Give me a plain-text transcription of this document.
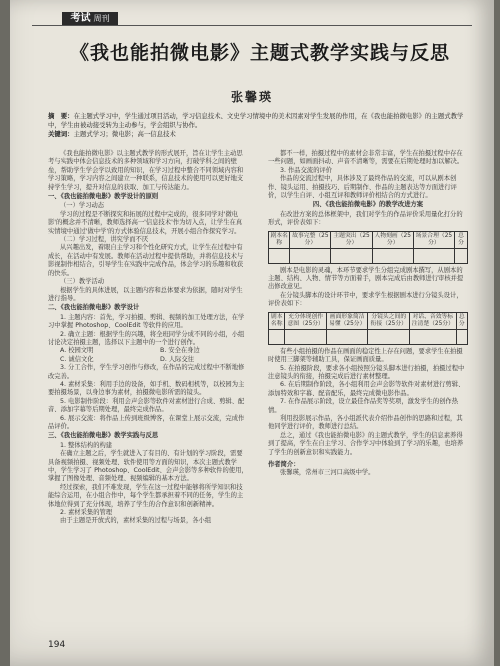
考试 周刊
《我也能拍微电影》主题式教学实践与反思
张馨瑛
摘　要：在主题式学习中，学生通过项目活动，学习信息技术、文史学习情境中的美术因素对学生发展的作用，在《我也能拍微电影》的主题式教学中，学生由被动接受转为主动参与，学会组织与协作。
关键词：主题式学习；微电影；高一信息技术

《我也能拍微电影》以主题式教学的形式展开，旨在让学生主动思考与实践中体会信息技术的多种领域和学习方向，打破学科之间的壁垒，帮助学生学会学以致用的知识，在学习过程中整合不同领域内容和学习策略，学习内容之间建立一种联系，信息技术的使用可以更好地支持学生学习，提升对信息的获取、加工与传达能力。

一、《我也能拍微电影》教学设计的原则

（一）学习动态

学习的过程是不断探究和拓展的过程中完成的，很多同学对'微电影'的概念并不清晰，教师选择高一'信息技术'作为切入点，让学生在真实情境中通过'做中学'的方式体验信息技术，开展小组合作探究学习。

（二）学习过程，讲究学而不厌

从兴趣出发，着眼自主学习和个性化研究方式，让学生在过程中有成长，在活动中有发展。教师在活动过程中提供帮助，并将信息技术与影视制作相结合，引导学生在实践中完成作品，体会学习的乐趣和收获的快乐。

（三）教学活动

根据学生的具体进展，以主题内容和总体要求为依据，随时对学生进行指导。

二、《我也能拍微电影》教学设计

1. 主题内容：首先，学习拍摄、剪辑、视频的加工处理方法，在学习中掌握 Photoshop、CoolEdit 等软件的应用。

2. 确立主题：根据学生的兴趣，将全班同学分成不同的小组，小组讨论决定拍摄主题，选择以下主题中的一个进行创作。

A. 校园文明	B. 安全在身边
C. 诚信文化	D. 人际交往

3. 分工合作，学生学习创作与修改，在作品的完成过程中不断地修改完善。

4. 素材采集：利用手边的设备，如手机、数码相机等，以校园为主要拍摄场景，以身边事为素材，拍摄微电影所需的镜头。

5. 电影制作阶段：利用会声会影等软件对素材进行合成、剪辑、配音、添加字幕等后期处理，最终完成作品。

6. 展示交流：将作品上传到班级博客，在课堂上展示交流，完成作品评价。

三、《我也能拍微电影》教学实践与反思

1. 整体结构的构建

在确立主题之后，学生就进入了有目的、有计划的学习阶段，需要具备视频拍摄、视频处理、软件使用等方面的知识，本次主题式教学中，学生学习了 Photoshop、CoolEdit、会声会影等多种软件的使用，掌握了图像处理、音频处理、视频编辑的基本方法。

经过探索，我们不难发现，学生在这一过程中能够将所学知识和技能综合运用，在小组合作中，每个学生都承担着不同的任务，学生的主体地位得到了充分体现，培养了学生的合作意识和创新精神。

2. 素材采集的管理

由于主题是开放式的，素材采集的过程与场景，各小组

都不一样，拍摄过程中的素材会非常丰富，学生在拍摄过程中存在一些问题，如画面抖动、声音不清晰等，需要在后期处理时加以解决。

3. 作品交流的评价

作品的交流过程中，具体涉及了最终作品的交流，可以从剧本创作、镜头运用、拍摄技巧、后期制作、作品的主题表达等方面进行评价，以学生自评、小组互评和教师评价相结合的方式进行。

四、《我也能拍微电影》的教学改进方案

在改进方案的总体框架中，我们对学生的作品评价采用量化打分的形式，评价表如下：

剧本名称	故事完整（25分）	主题突出（25分）	人物刻画（25分）	场景合理（25分）	总分

剧本是电影的灵魂，本环节要求学生分组完成剧本撰写，从剧本的主题、结构、人物、情节等方面着手，剧本完成后由教师进行审核并提出修改意见。

在分镜头脚本的设计环节中，要求学生根据剧本进行分镜头设计，评价表如下：

剧本名称	充分体现创作意图（25分）	画面形象简洁易懂（25分）	分镜头之间的衔接（25分）	对话、音效等标注清楚（25分）	总分

有些小组拍摄的作品在画面的稳定性上存在问题，要求学生在拍摄时使用三脚架等辅助工具，保证画面质量。

5. 在拍摄阶段，要求各小组按照分镜头脚本进行拍摄，拍摄过程中注意镜头的衔接，拍摄完成后进行素材整理。

6. 在后期制作阶段，各小组利用会声会影等软件对素材进行剪辑、添加特效和字幕、配音配乐，最终完成微电影作品。

7. 在作品展示阶段，设立最佳作品奖等奖项，激发学生的创作热情。

利用投影展示作品，各小组派代表介绍作品创作的思路和过程，其他同学进行评价，教师进行总结。

总之，通过《我也能拍微电影》的主题式教学，学生的信息素养得到了提高，学生在自主学习、合作学习中体验到了学习的乐趣，也培养了学生的创新意识和实践能力。

作者简介：

张馨瑛，常州市三河口高级中学。

194
